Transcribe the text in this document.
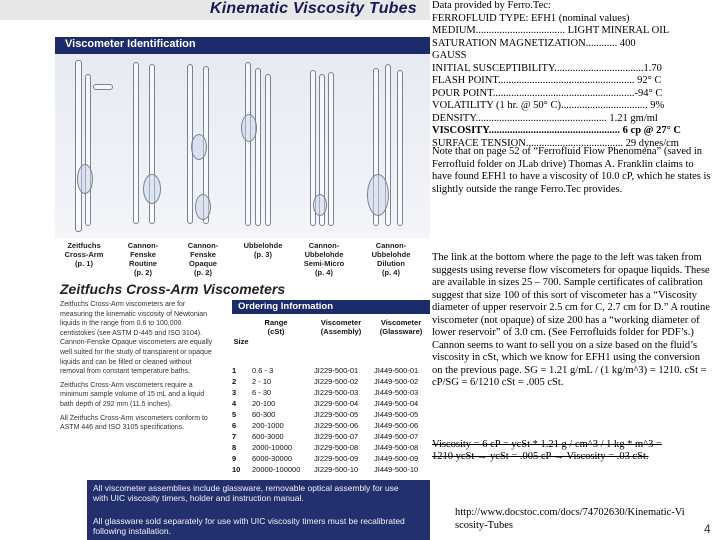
Kinematic Viscosity Tubes
Viscometer Identification
Zeitfuchs Cross-Arm
(p. 1)
Cannon-Fenske Routine
(p. 2)
Cannon-Fenske Opaque
(p. 2)
Ubbelohde
(p. 3)
Cannon-Ubbelohde Semi-Micro
(p. 4)
Cannon-Ubbelohde Dilution
(p. 4)
Zeitfuchs Cross-Arm Viscometers
Zeitfuchs Cross-Arm viscometers are for
measuring the kinematic viscosity of Newtonian
liquids in the range from 0.6 to 100,000
centistokes (see ASTM D-445 and ISO 3104).
Cannon-Fenske Opaque viscometers are equally
well suited for the study of transparent or opaque
liquids and can be filled or cleaned without
removal from constant temperature baths.
Zeitfuchs Cross-Arm viscometers require a
minimum sample volume of 15 mL and a liquid
bath depth of 292 mm (11.5 inches).
All Zeitfuchs Cross-Arm viscometers conform to
ASTM 446 and ISO 3105 specifications.
Ordering Information
Size
Range (cSt)
Viscometer (Assembly)
Viscometer (Glassware)
1 0.6 - 3	JI229-500-01 JI449-500-01
2 2 - 10	JI229-500-02 JI449-500-02
3 6 - 30	JI229-500-03 JI449-500-03
4 20-100	JI229-500-04 JI449-500-04
5 60-300	JI229-500-05 JI449-500-05
6 200-1000	JI229-500-06 JI449-500-06
7 600-3000	JI229-500-07 JI449-500-07
8 2000-10000	JI229-500-08 JI449-500-08
9 6000-30000	JI229-500-09 JI449-500-09
10 20000-100000 JI229-500-10 JI449-500-10

All viscometer assemblies include glassware, removable optical assembly for use

with UIC viscosity timers, holder and instruction manual.

All glassware sold separately for use with UIC viscosity timers must be recalibrated

following installation.

Data provided by Ferro.Tec:
FERROFLUID TYPE: EFH1 (nominal values)
MEDIUM.................................. LIGHT MINERAL OIL
SATURATION MAGNETIZATION............ 400
GAUSS
INITIAL SUSCEPTIBILITY..................................1.70
FLASH POINT.................................................... 92° C
POUR POINT......................................................-94° C
VOLATILITY (1 hr. @ 50° C)................................. 9%
DENSITY.................................................. 1.21 gm/ml
VISCOSITY.................................................. 6 cp @ 27° C
SURFACE TENSION..................................... 29 dynes/cm
Note that on page 52 of “Ferrofluid Flow Phenomena” (saved in Ferrofluid folder on JLab drive) Thomas A. Franklin claims to have found EFH1 to have a viscosity of 10.0 cP, which he states is slightly outside the range Ferro.Tec provides.
The link at the bottom where the page to the left was taken from suggests using reverse flow viscometers for opaque liquids. These are available in sizes 25 – 700. Sample certificates of calibration suggest that size 100 of this sort of viscometer has a “Viscosity diameter of upper reservoir 2.5 cm for C, 2.7 cm for D.” A routine viscometer (not opaque) of size 200 has a “working diameter of lower reservoir” of 3.0 cm. (See Ferrofluids folder for PDF’s.) Cannon seems to want to sell you on a size based on the fluid’s viscosity in cSt, which we know for EFH1 using the conversion on the previous page. SG = 1.21 g/mL / (1 kg/m^3) = 1210. cSt = cP/SG = 6/1210 cSt = .005 cSt.
Viscosity = 6 cP = ycSt * 1.21 g / cm^3 / 1 kg * m^3 =
1210 ycSt → ycSt = .005 cP → Viscosity = .03 cSt.
http://www.docstoc.com/docs/74702630/Kinematic-Viscosity-Tubes	4
